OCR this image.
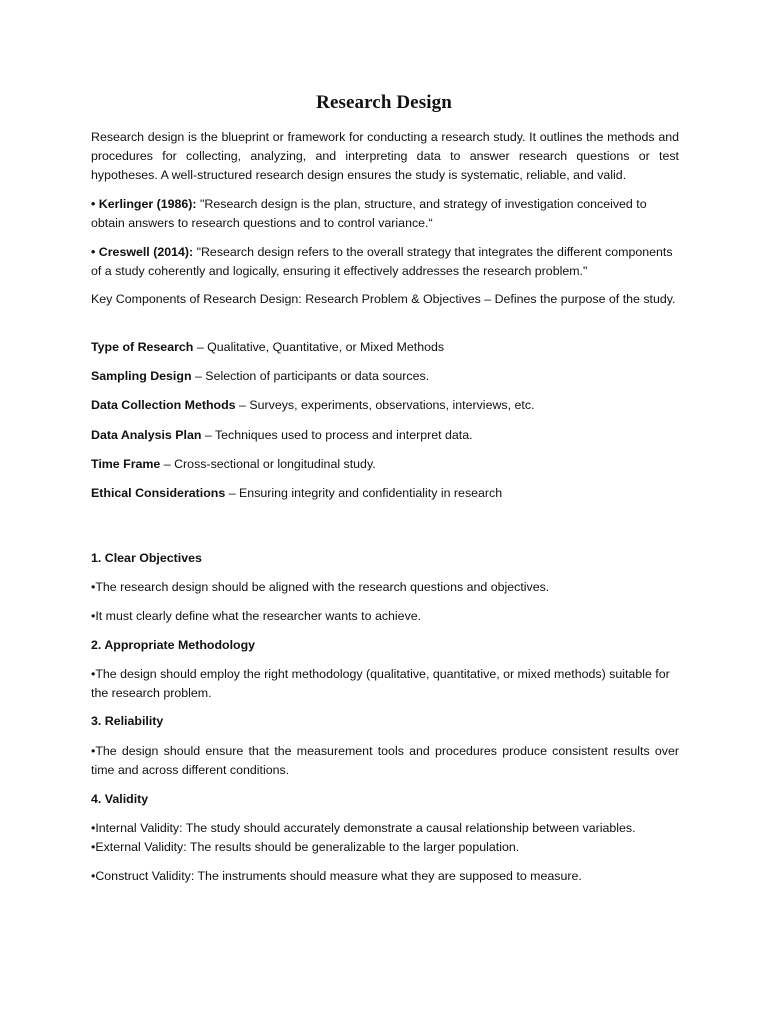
Research Design

Research design is the blueprint or framework for conducting a research study. It outlines the methods and procedures for collecting, analyzing, and interpreting data to answer research questions or test hypotheses. A well-structured research design ensures the study is systematic, reliable, and valid.

• Kerlinger (1986): "Research design is the plan, structure, and strategy of investigation conceived to obtain answers to research questions and to control variance.“

• Creswell (2014): "Research design refers to the overall strategy that integrates the different components of a study coherently and logically, ensuring it effectively addresses the research problem."

Key Components of Research Design: Research Problem & Objectives – Defines the purpose of the study.

Type of Research – Qualitative, Quantitative, or Mixed Methods

Sampling Design – Selection of participants or data sources.

Data Collection Methods – Surveys, experiments, observations, interviews, etc.

Data Analysis Plan – Techniques used to process and interpret data.

Time Frame – Cross-sectional or longitudinal study.

Ethical Considerations – Ensuring integrity and confidentiality in research

1. Clear Objectives

•The research design should be aligned with the research questions and objectives.

•It must clearly define what the researcher wants to achieve.

2. Appropriate Methodology

•The design should employ the right methodology (qualitative, quantitative, or mixed methods) suitable for the research problem.

3. Reliability

•The design should ensure that the measurement tools and procedures produce consistent results over time and across different conditions.

4. Validity

•Internal Validity: The study should accurately demonstrate a causal relationship between variables.

•External Validity: The results should be generalizable to the larger population.

•Construct Validity: The instruments should measure what they are supposed to measure.
